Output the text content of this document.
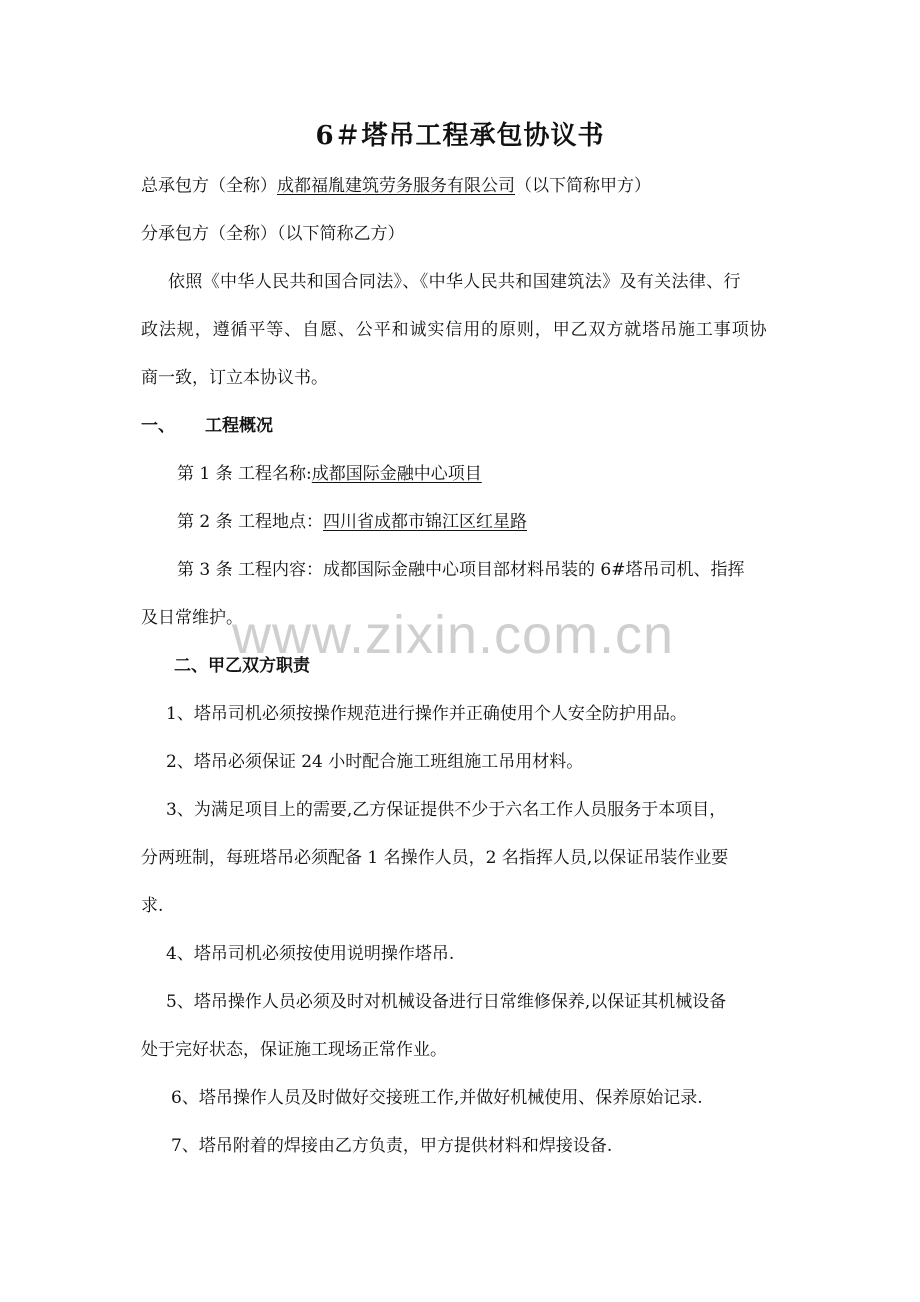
6＃塔吊工程承包协议书
总承包方（全称）成都福胤建筑劳务服务有限公司（以下简称甲方）
分承包方（全称）（以下简称乙方）
依照《中华人民共和国合同法》、《中华人民共和国建筑法》及有关法律、行
政法规，遵循平等、自愿、公平和诚实信用的原则，甲乙双方就塔吊施工事项协
商一致，订立本协议书。
一、 工程概况
第 1 条 工程名称:成都国际金融中心项目
第 2 条 工程地点：四川省成都市锦江区红星路
第 3 条 工程内容：成都国际金融中心项目部材料吊装的 6#塔吊司机、指挥
及日常维护。
www.zixin.com.cn
二、甲乙双方职责
1、塔吊司机必须按操作规范进行操作并正确使用个人安全防护用品。
2、塔吊必须保证 24 小时配合施工班组施工吊用材料。
3、为满足项目上的需要,乙方保证提供不少于六名工作人员服务于本项目，
分两班制，每班塔吊必须配备 1 名操作人员，2 名指挥人员,以保证吊装作业要
求.
4、塔吊司机必须按使用说明操作塔吊.
5、塔吊操作人员必须及时对机械设备进行日常维修保养,以保证其机械设备
处于完好状态，保证施工现场正常作业。
6、塔吊操作人员及时做好交接班工作,并做好机械使用、保养原始记录.
7、塔吊附着的焊接由乙方负责，甲方提供材料和焊接设备.
